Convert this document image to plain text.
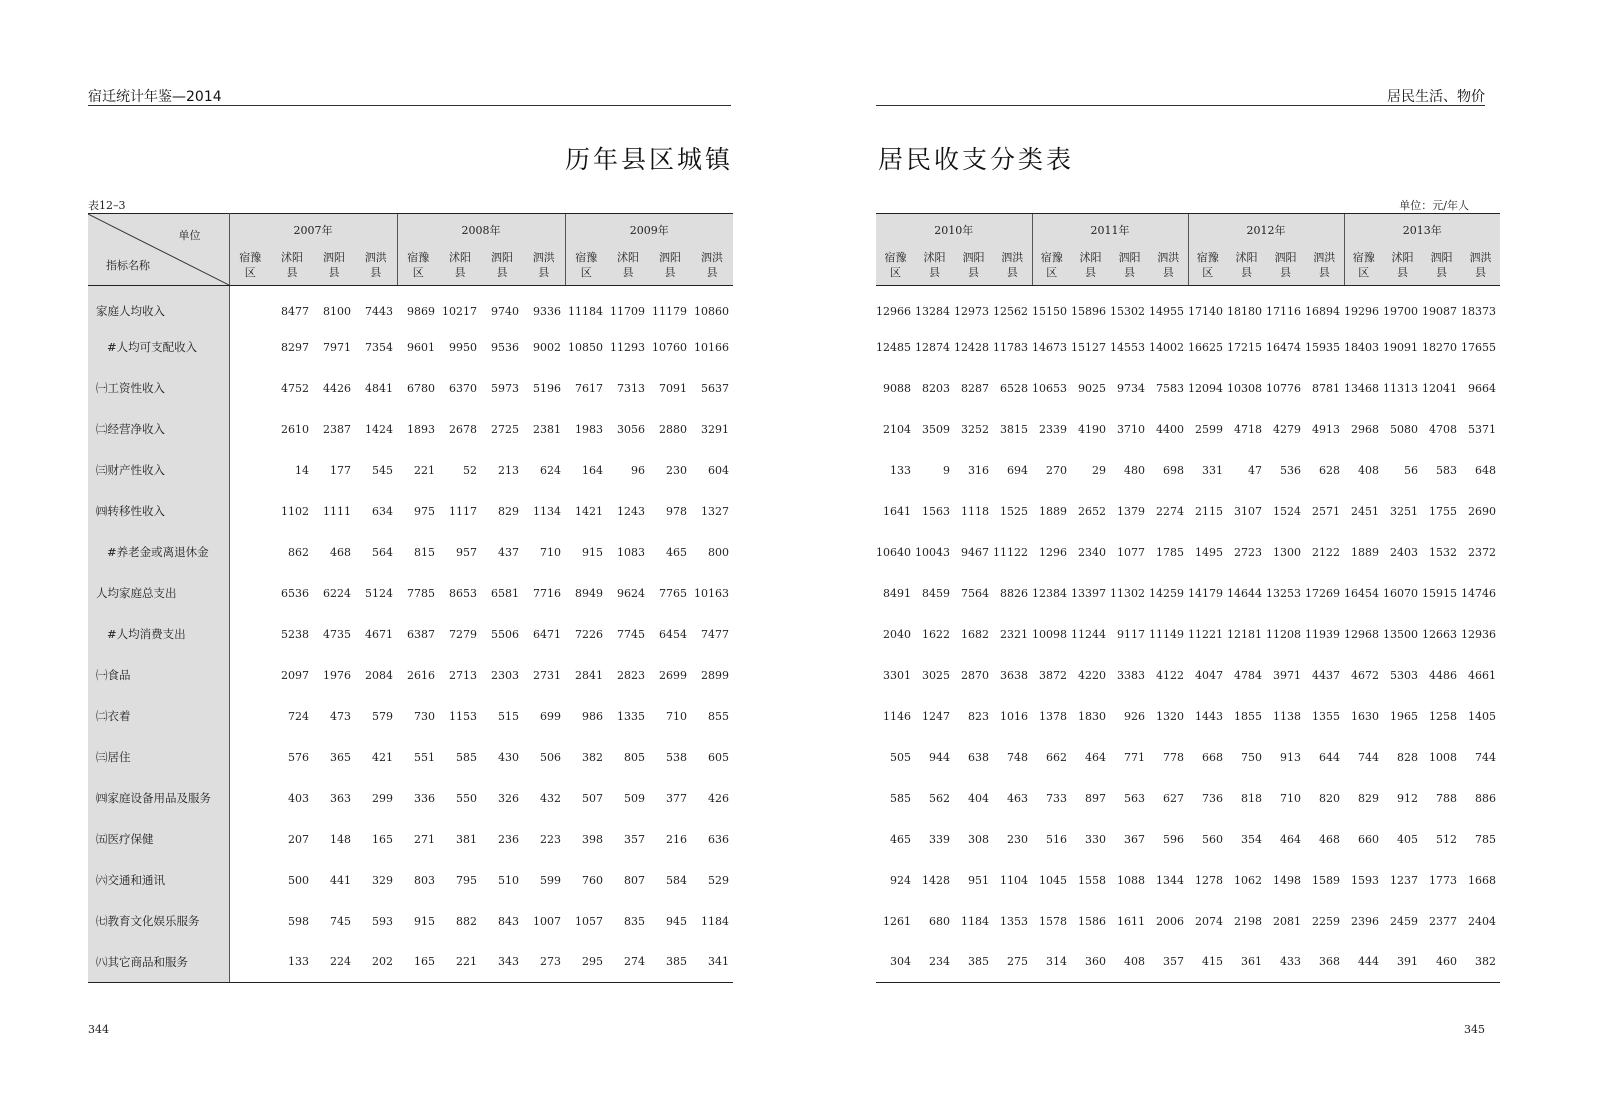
宿迁统计年鉴—2014
历年县区城镇
表12–3
单位
指标名称	2007年				2008年				2009年			
	宿豫
区	沭阳
县	泗阳
县	泗洪
县	宿豫
区	沭阳
县	泗阳
县	泗洪
县	宿豫
区	沭阳
县	泗阳
县	泗洪
县
家庭人均收入		8477	8100	7443	9869	10217	9740	9336	11184	11709	11179	10860
#人均可支配收入		8297	7971	7354	9601	9950	9536	9002	10850	11293	10760	10166
㈠工资性收入		4752	4426	4841	6780	6370	5973	5196	7617	7313	7091	5637
㈡经营净收入		2610	2387	1424	1893	2678	2725	2381	1983	3056	2880	3291
㈢财产性收入		14	177	545	221	52	213	624	164	96	230	604
㈣转移性收入		1102	1111	634	975	1117	829	1134	1421	1243	978	1327
#养老金或离退休金		862	468	564	815	957	437	710	915	1083	465	800
人均家庭总支出		6536	6224	5124	7785	8653	6581	7716	8949	9624	7765	10163
#人均消费支出		5238	4735	4671	6387	7279	5506	6471	7226	7745	6454	7477
㈠食品		2097	1976	2084	2616	2713	2303	2731	2841	2823	2699	2899
㈡衣着		724	473	579	730	1153	515	699	986	1335	710	855
㈢居住		576	365	421	551	585	430	506	382	805	538	605
㈣家庭设备用品及服务		403	363	299	336	550	326	432	507	509	377	426
㈤医疗保健		207	148	165	271	381	236	223	398	357	216	636
㈥交通和通讯		500	441	329	803	795	510	599	760	807	584	529
㈦教育文化娱乐服务		598	745	593	915	882	843	1007	1057	835	945	1184
㈧其它商品和服务		133	224	202	165	221	343	273	295	274	385	341
344
居民生活、物价
居民收支分类表
单位：元/年人
2010年				2011年				2012年				2013年			
宿豫
区	沭阳
县	泗阳
县	泗洪
县	宿豫
区	沭阳
县	泗阳
县	泗洪
县	宿豫
区	沭阳
县	泗阳
县	泗洪
县	宿豫
区	沭阳
县	泗阳
县	泗洪
县
12966	13284	12973	12562	15150	15896	15302	14955	17140	18180	17116	16894	19296	19700	19087	18373
12485	12874	12428	11783	14673	15127	14553	14002	16625	17215	16474	15935	18403	19091	18270	17655
9088	8203	8287	6528	10653	9025	9734	7583	12094	10308	10776	8781	13468	11313	12041	9664
2104	3509	3252	3815	2339	4190	3710	4400	2599	4718	4279	4913	2968	5080	4708	5371
133	9	316	694	270	29	480	698	331	47	536	628	408	56	583	648
1641	1563	1118	1525	1889	2652	1379	2274	2115	3107	1524	2571	2451	3251	1755	2690
10640	10043	9467	11122	1296	2340	1077	1785	1495	2723	1300	2122	1889	2403	1532	2372
8491	8459	7564	8826	12384	13397	11302	14259	14179	14644	13253	17269	16454	16070	15915	14746
2040	1622	1682	2321	10098	11244	9117	11149	11221	12181	11208	11939	12968	13500	12663	12936
3301	3025	2870	3638	3872	4220	3383	4122	4047	4784	3971	4437	4672	5303	4486	4661
1146	1247	823	1016	1378	1830	926	1320	1443	1855	1138	1355	1630	1965	1258	1405
505	944	638	748	662	464	771	778	668	750	913	644	744	828	1008	744
585	562	404	463	733	897	563	627	736	818	710	820	829	912	788	886
465	339	308	230	516	330	367	596	560	354	464	468	660	405	512	785
924	1428	951	1104	1045	1558	1088	1344	1278	1062	1498	1589	1593	1237	1773	1668
1261	680	1184	1353	1578	1586	1611	2006	2074	2198	2081	2259	2396	2459	2377	2404
304	234	385	275	314	360	408	357	415	361	433	368	444	391	460	382
345
